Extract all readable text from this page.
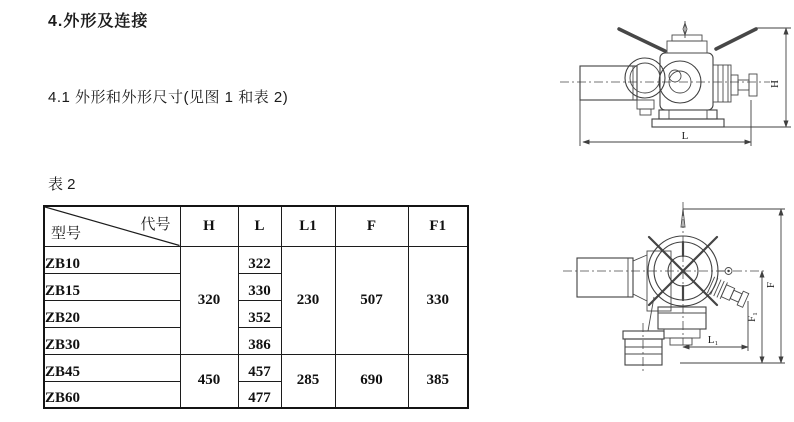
4.外形及连接
4.1 外形和外形尺寸(见图 1 和表 2)
表 2
型号
代号	H	L	L1	F	F1
ZB10	320	322	230	507	330
ZB15		330			
ZB20		352			
ZB30		386			
ZB45	450	457	285	690	385
ZB60		477			
H
L
F
F₁
L₁
